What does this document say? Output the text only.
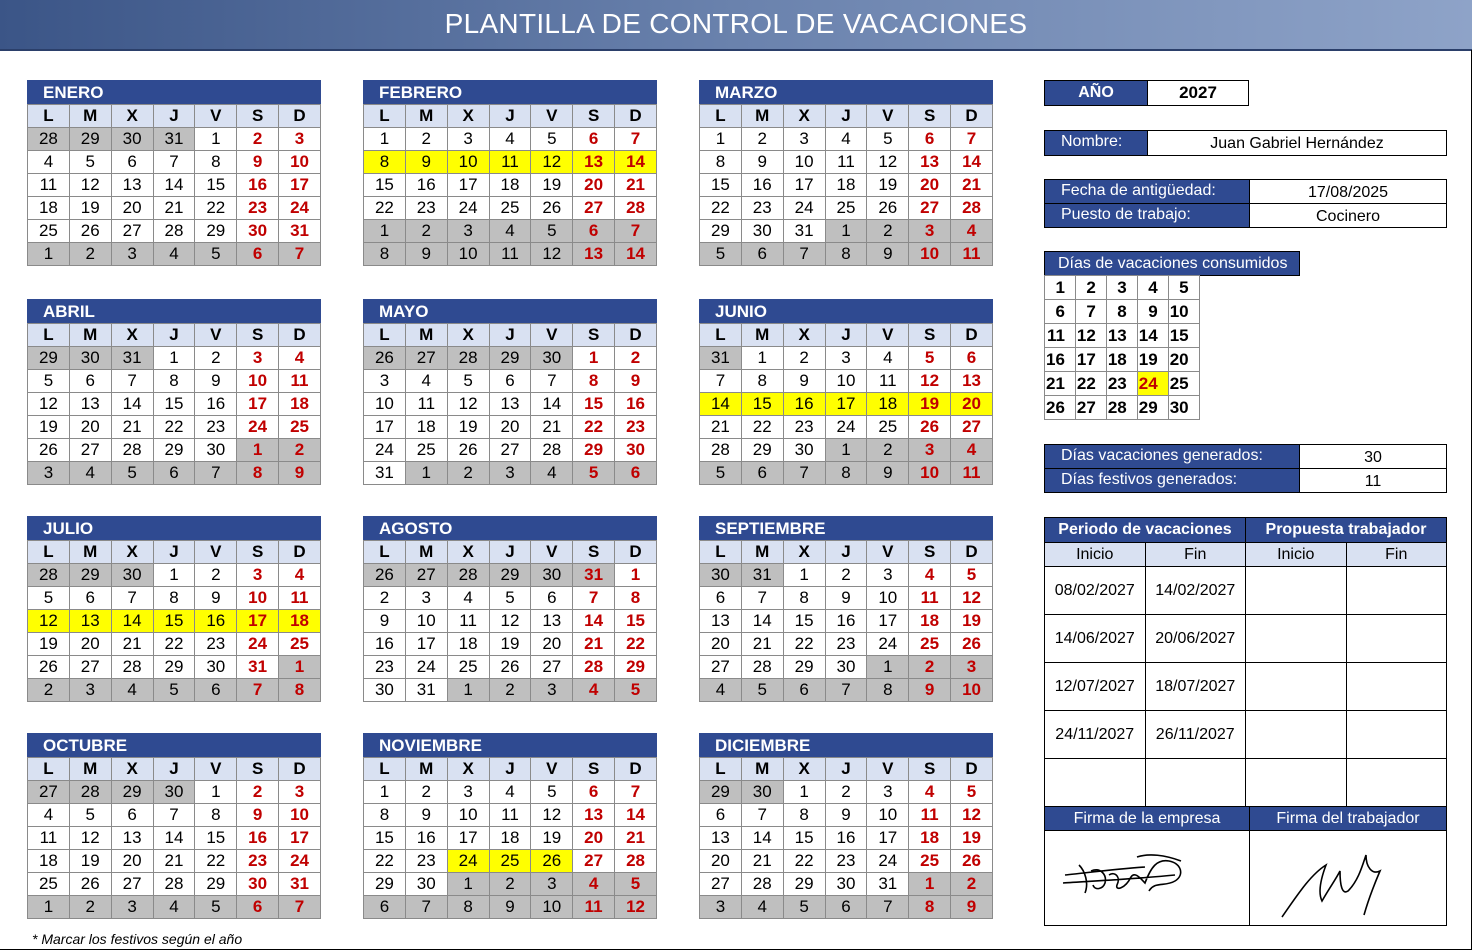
PLANTILLA DE CONTROL DE VACACIONES
ENERO
L	M	X	J	V	S	D
28	29	30	31	1	2	3
4	5	6	7	8	9	10
11	12	13	14	15	16	17
18	19	20	21	22	23	24
25	26	27	28	29	30	31
1	2	3	4	5	6	7
FEBRERO
L	M	X	J	V	S	D
1	2	3	4	5	6	7
8	9	10	11	12	13	14
15	16	17	18	19	20	21
22	23	24	25	26	27	28
1	2	3	4	5	6	7
8	9	10	11	12	13	14
MARZO
L	M	X	J	V	S	D
1	2	3	4	5	6	7
8	9	10	11	12	13	14
15	16	17	18	19	20	21
22	23	24	25	26	27	28
29	30	31	1	2	3	4
5	6	7	8	9	10	11
ABRIL
L	M	X	J	V	S	D
29	30	31	1	2	3	4
5	6	7	8	9	10	11
12	13	14	15	16	17	18
19	20	21	22	23	24	25
26	27	28	29	30	1	2
3	4	5	6	7	8	9
MAYO
L	M	X	J	V	S	D
26	27	28	29	30	1	2
3	4	5	6	7	8	9
10	11	12	13	14	15	16
17	18	19	20	21	22	23
24	25	26	27	28	29	30
31	1	2	3	4	5	6
JUNIO
L	M	X	J	V	S	D
31	1	2	3	4	5	6
7	8	9	10	11	12	13
14	15	16	17	18	19	20
21	22	23	24	25	26	27
28	29	30	1	2	3	4
5	6	7	8	9	10	11
JULIO
L	M	X	J	V	S	D
28	29	30	1	2	3	4
5	6	7	8	9	10	11
12	13	14	15	16	17	18
19	20	21	22	23	24	25
26	27	28	29	30	31	1
2	3	4	5	6	7	8
AGOSTO
L	M	X	J	V	S	D
26	27	28	29	30	31	1
2	3	4	5	6	7	8
9	10	11	12	13	14	15
16	17	18	19	20	21	22
23	24	25	26	27	28	29
30	31	1	2	3	4	5
SEPTIEMBRE
L	M	X	J	V	S	D
30	31	1	2	3	4	5
6	7	8	9	10	11	12
13	14	15	16	17	18	19
20	21	22	23	24	25	26
27	28	29	30	1	2	3
4	5	6	7	8	9	10
OCTUBRE
L	M	X	J	V	S	D
27	28	29	30	1	2	3
4	5	6	7	8	9	10
11	12	13	14	15	16	17
18	19	20	21	22	23	24
25	26	27	28	29	30	31
1	2	3	4	5	6	7
NOVIEMBRE
L	M	X	J	V	S	D
1	2	3	4	5	6	7
8	9	10	11	12	13	14
15	16	17	18	19	20	21
22	23	24	25	26	27	28
29	30	1	2	3	4	5
6	7	8	9	10	11	12
DICIEMBRE
L	M	X	J	V	S	D
29	30	1	2	3	4	5
6	7	8	9	10	11	12
13	14	15	16	17	18	19
20	21	22	23	24	25	26
27	28	29	30	31	1	2
3	4	5	6	7	8	9
AÑO	2027
Nombre:	Juan Gabriel Hernández
Fecha de antigüedad:	17/08/2025
Puesto de trabajo:	Cocinero
Días de vacaciones consumidos
1	2	3	4	5
6	7	8	9	10
11	12	13	14	15
16	17	18	19	20
21	22	23	24	25
26	27	28	29	30
Días vacaciones generados:	30
Días festivos generados:	11
Periodo de vacaciones		Propuesta trabajador	
Inicio	Fin	Inicio	Fin
08/02/2027	14/02/2027		
14/06/2027	20/06/2027		
12/07/2027	18/07/2027		
24/11/2027	26/11/2027		

Firma de la empresa	Firma del trabajador
* Marcar los festivos según el año
